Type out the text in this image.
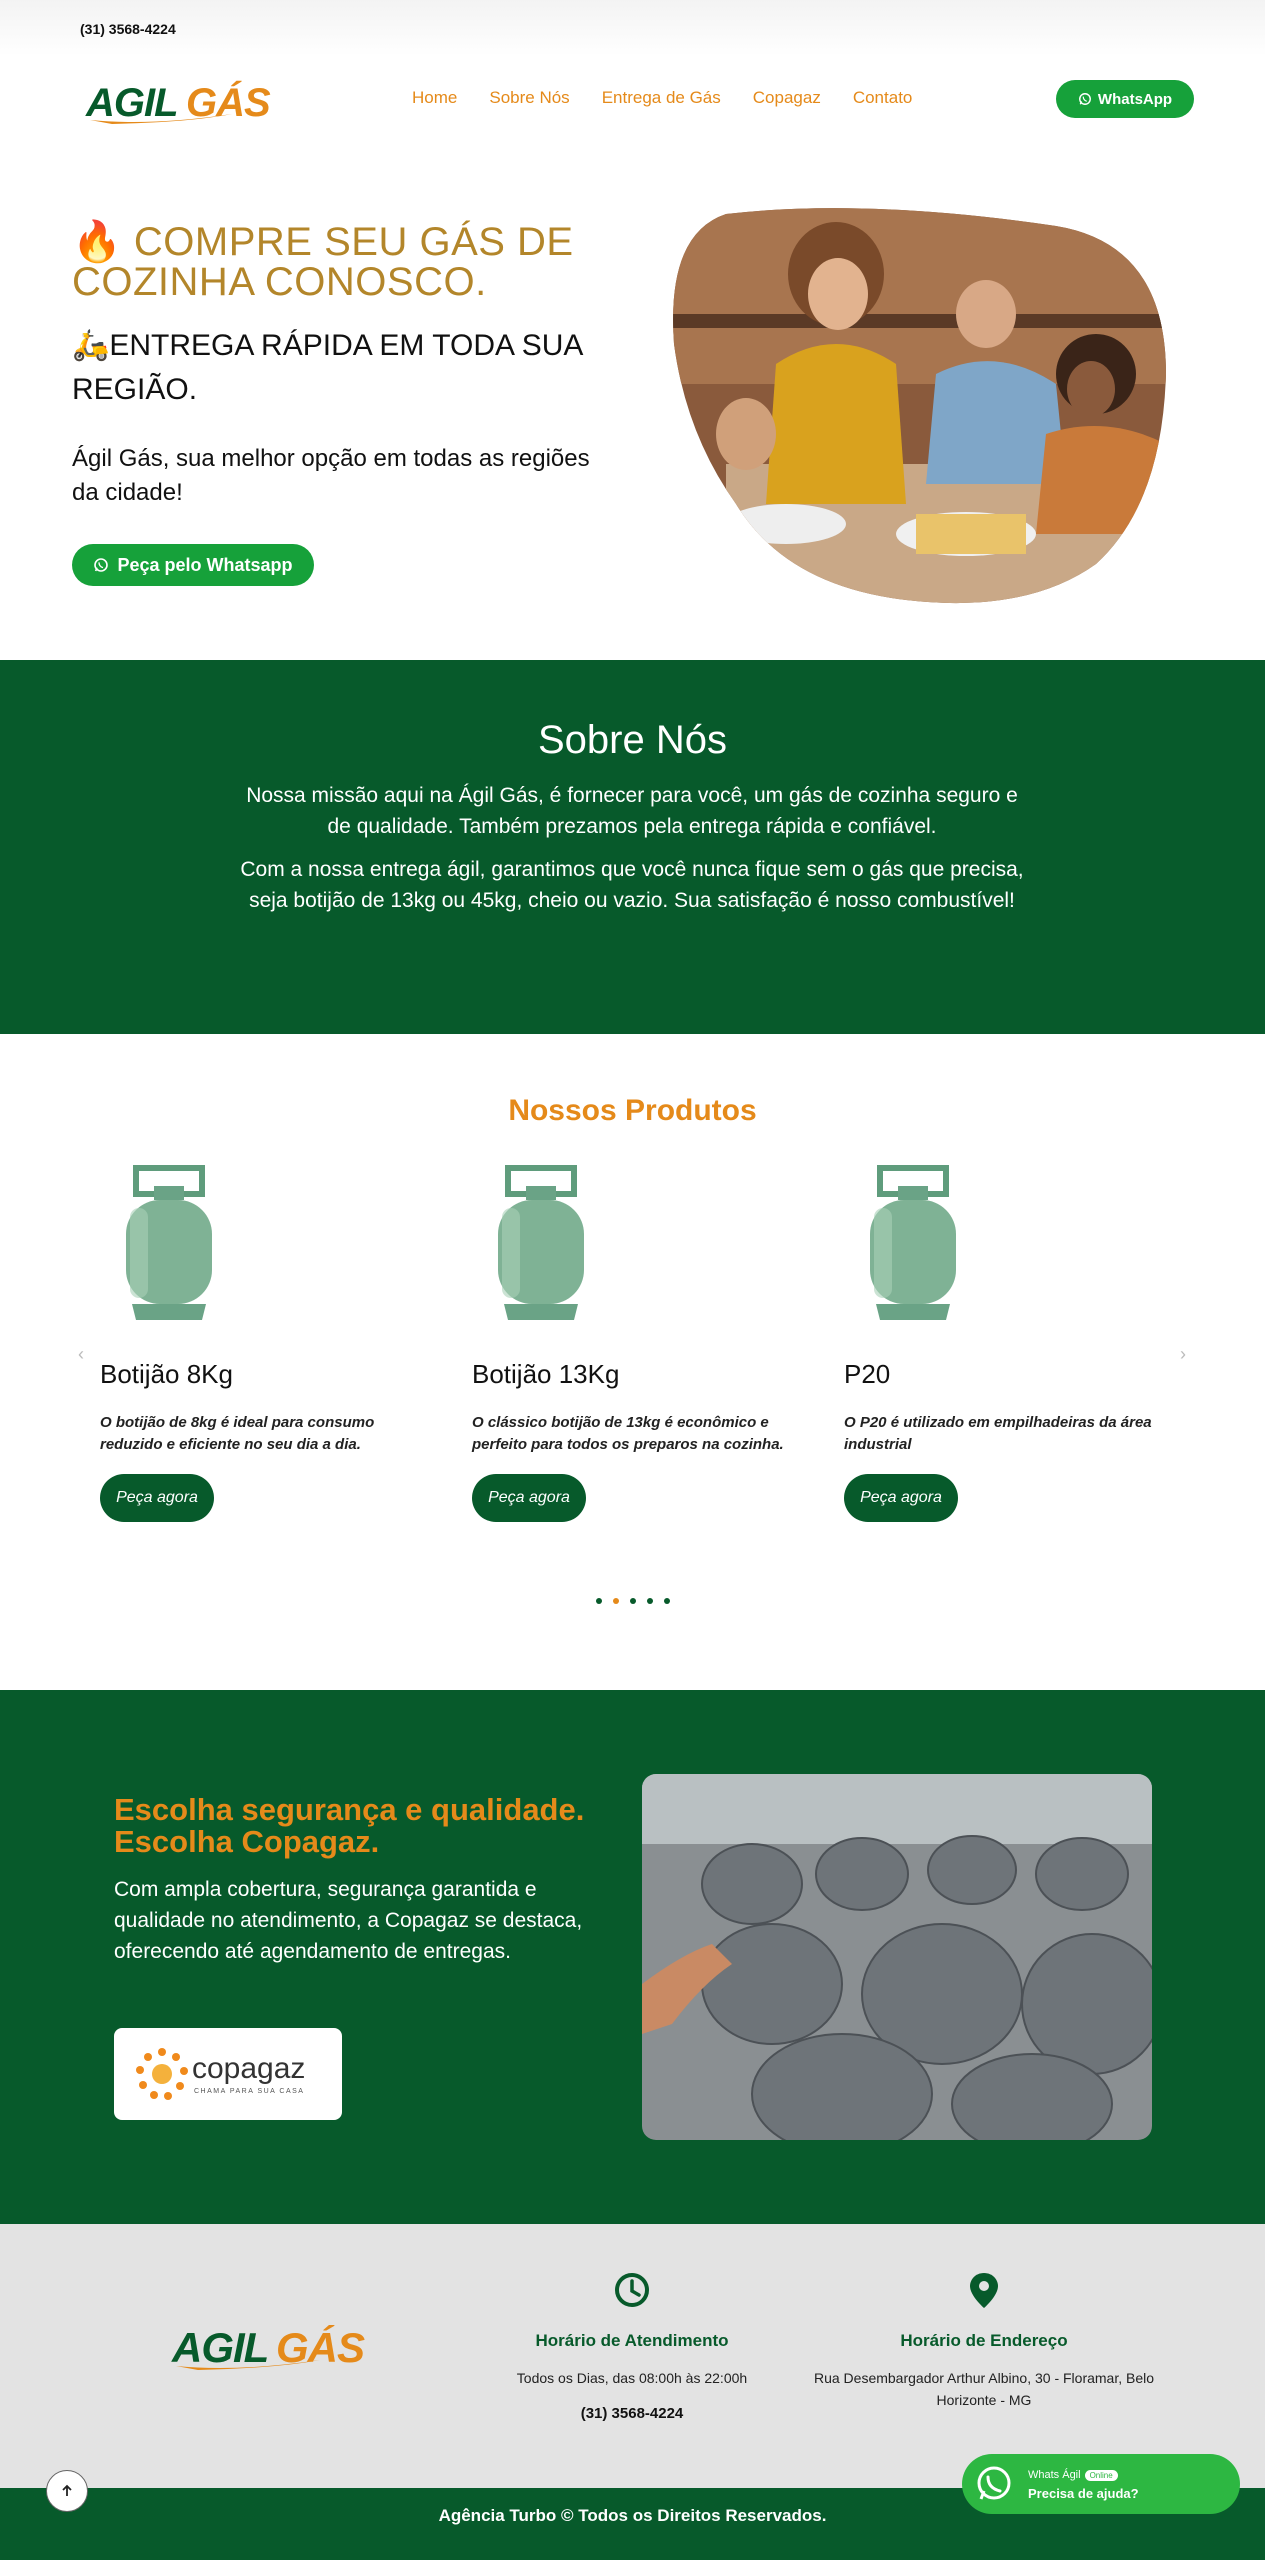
(31) 3568-4224
AGIL GÁS	Home Sobre Nós Entrega de Gás Copagaz Contato	WhatsApp
🔥 COMPRE SEU GÁS DE COZINHA CONOSCO.
🛵ENTREGA RÁPIDA EM TODA SUA REGIÃO.
Ágil Gás, sua melhor opção em todas as regiões da cidade!
Peça pelo Whatsapp
Sobre Nós

Nossa missão aqui na Ágil Gás, é fornecer para você, um gás de cozinha seguro e de qualidade. Também prezamos pela entrega rápida e confiável.

Com a nossa entrega ágil, garantimos que você nunca fique sem o gás que precisa, seja botijão de 13kg ou 45kg, cheio ou vazio. Sua satisfação é nosso combustível!

Nossos Produtos
‹	›
Botijão 8Kg

O botijão de 8kg é ideal para consumo reduzido e eficiente no seu dia a dia.

Peça agora
Botijão 13Kg

O clássico botijão de 13kg é econômico e perfeito para todos os preparos na cozinha.

Peça agora
P20

O P20 é utilizado em empilhadeiras da área industrial

Peça agora
Escolha segurança e qualidade. Escolha Copagaz.

Com ampla cobertura, segurança garantida e qualidade no atendimento, a Copagaz se destaca, oferecendo até agendamento de entregas.

copagaz
CHAMA PARA SUA CASA
AGIL GÁS	Horário de Atendimento
Todos os Dias, das 08:00h às 22:00h
(31) 3568-4224
Horário de Endereço
Rua Desembargador Arthur Albino, 30 - Floramar, Belo Horizonte - MG
Agência Turbo © Todos os Direitos Reservados.
Whats Ágil Online
Precisa de ajuda?
